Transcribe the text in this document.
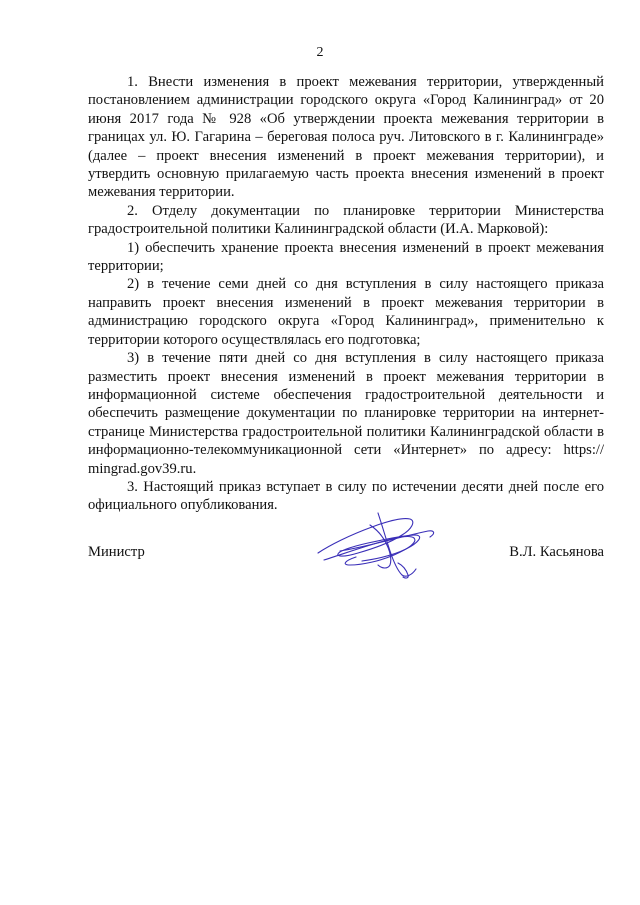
2

1. Внести изменения в проект межевания территории, утвержденный постановлением администрации городского округа «Город Калининград» от 20 июня 2017 года № 928 «Об утверждении проекта межевания территории в границах ул. Ю. Гагарина – береговая полоса руч. Литовского в г. Калининграде» (далее – проект внесения изменений в проект межевания территории), и утвердить основную прилагаемую часть проекта внесения изменений в проект межевания территории.

2. Отделу документации по планировке территории Министерства градостроительной политики Калининградской области (И.А. Марковой):

1) обеспечить хранение проекта внесения изменений в проект межевания территории;

2) в течение семи дней со дня вступления в силу настоящего приказа направить проект внесения изменений в проект межевания территории в администрацию городского округа «Город Калининград», применительно к территории которого осуществлялась его подготовка;

3) в течение пяти дней со дня вступления в силу настоящего приказа разместить проект внесения изменений в проект межевания территории в информационной системе обеспечения градостроительной деятельности и обеспечить размещение документации по планировке территории на интернет-странице Министерства градостроительной политики Калининградской области в информационно-телекоммуникационной сети «Интернет» по адресу: https:// mingrad.gov39.ru.

3. Настоящий приказ вступает в силу по истечении десяти дней после его официального опубликования.

Министр	В.Л. Касьянова
